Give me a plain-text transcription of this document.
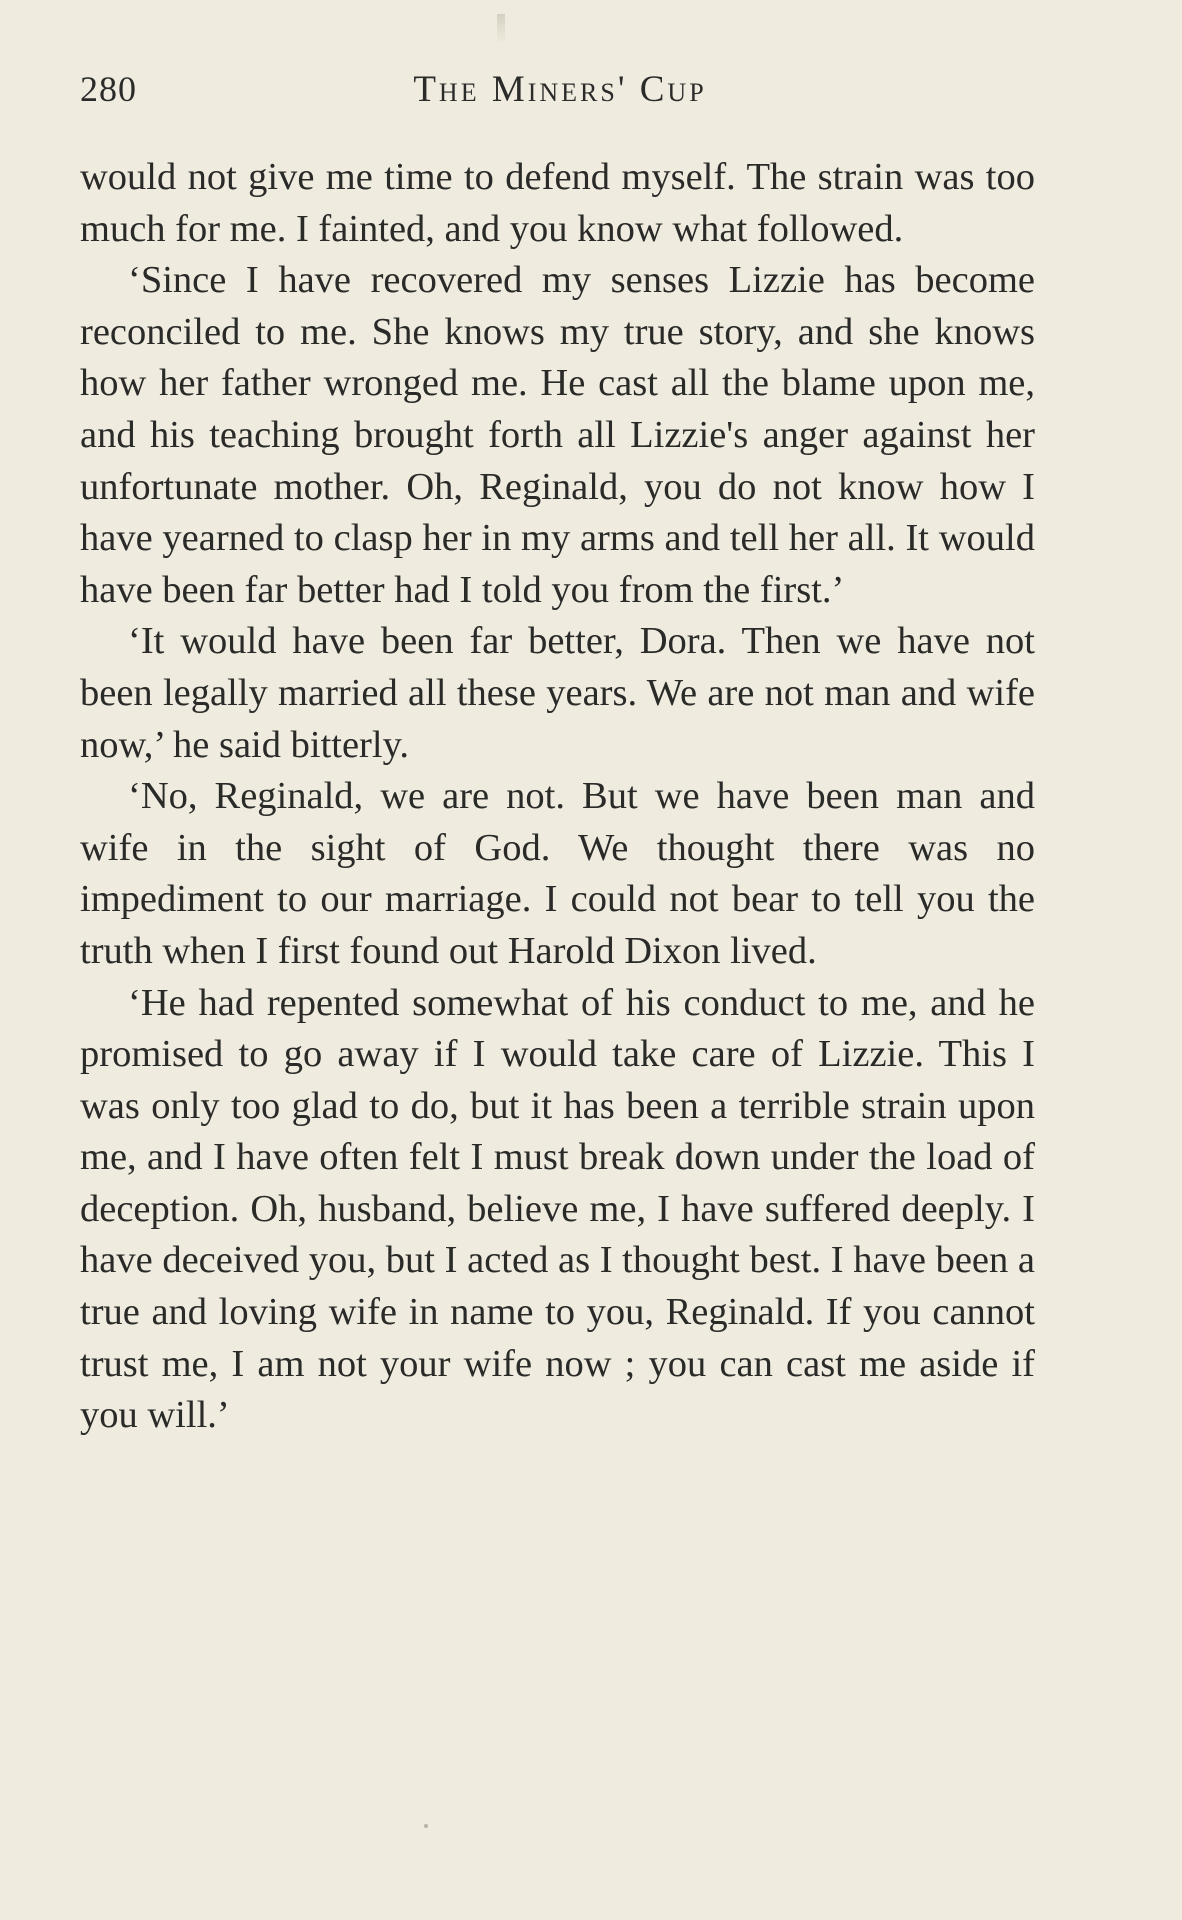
280	The Miners' Cup

would not give me time to defend myself. The strain was too much for me. I fainted, and you know what followed.

‘Since I have recovered my senses Lizzie has become reconciled to me. She knows my true story, and she knows how her father wronged me. He cast all the blame upon me, and his teaching brought forth all Lizzie's anger against her unfortunate mother. Oh, Reginald, you do not know how I have yearned to clasp her in my arms and tell her all. It would have been far better had I told you from the first.’

‘It would have been far better, Dora. Then we have not been legally married all these years. We are not man and wife now,’ he said bitterly.

‘No, Reginald, we are not. But we have been man and wife in the sight of God. We thought there was no impediment to our marriage. I could not bear to tell you the truth when I first found out Harold Dixon lived.

‘He had repented somewhat of his conduct to me, and he promised to go away if I would take care of Lizzie. This I was only too glad to do, but it has been a terrible strain upon me, and I have often felt I must break down under the load of deception. Oh, husband, believe me, I have suffered deeply. I have deceived you, but I acted as I thought best. I have been a true and loving wife in name to you, Reginald. If you cannot trust me, I am not your wife now ; you can cast me aside if you will.’
